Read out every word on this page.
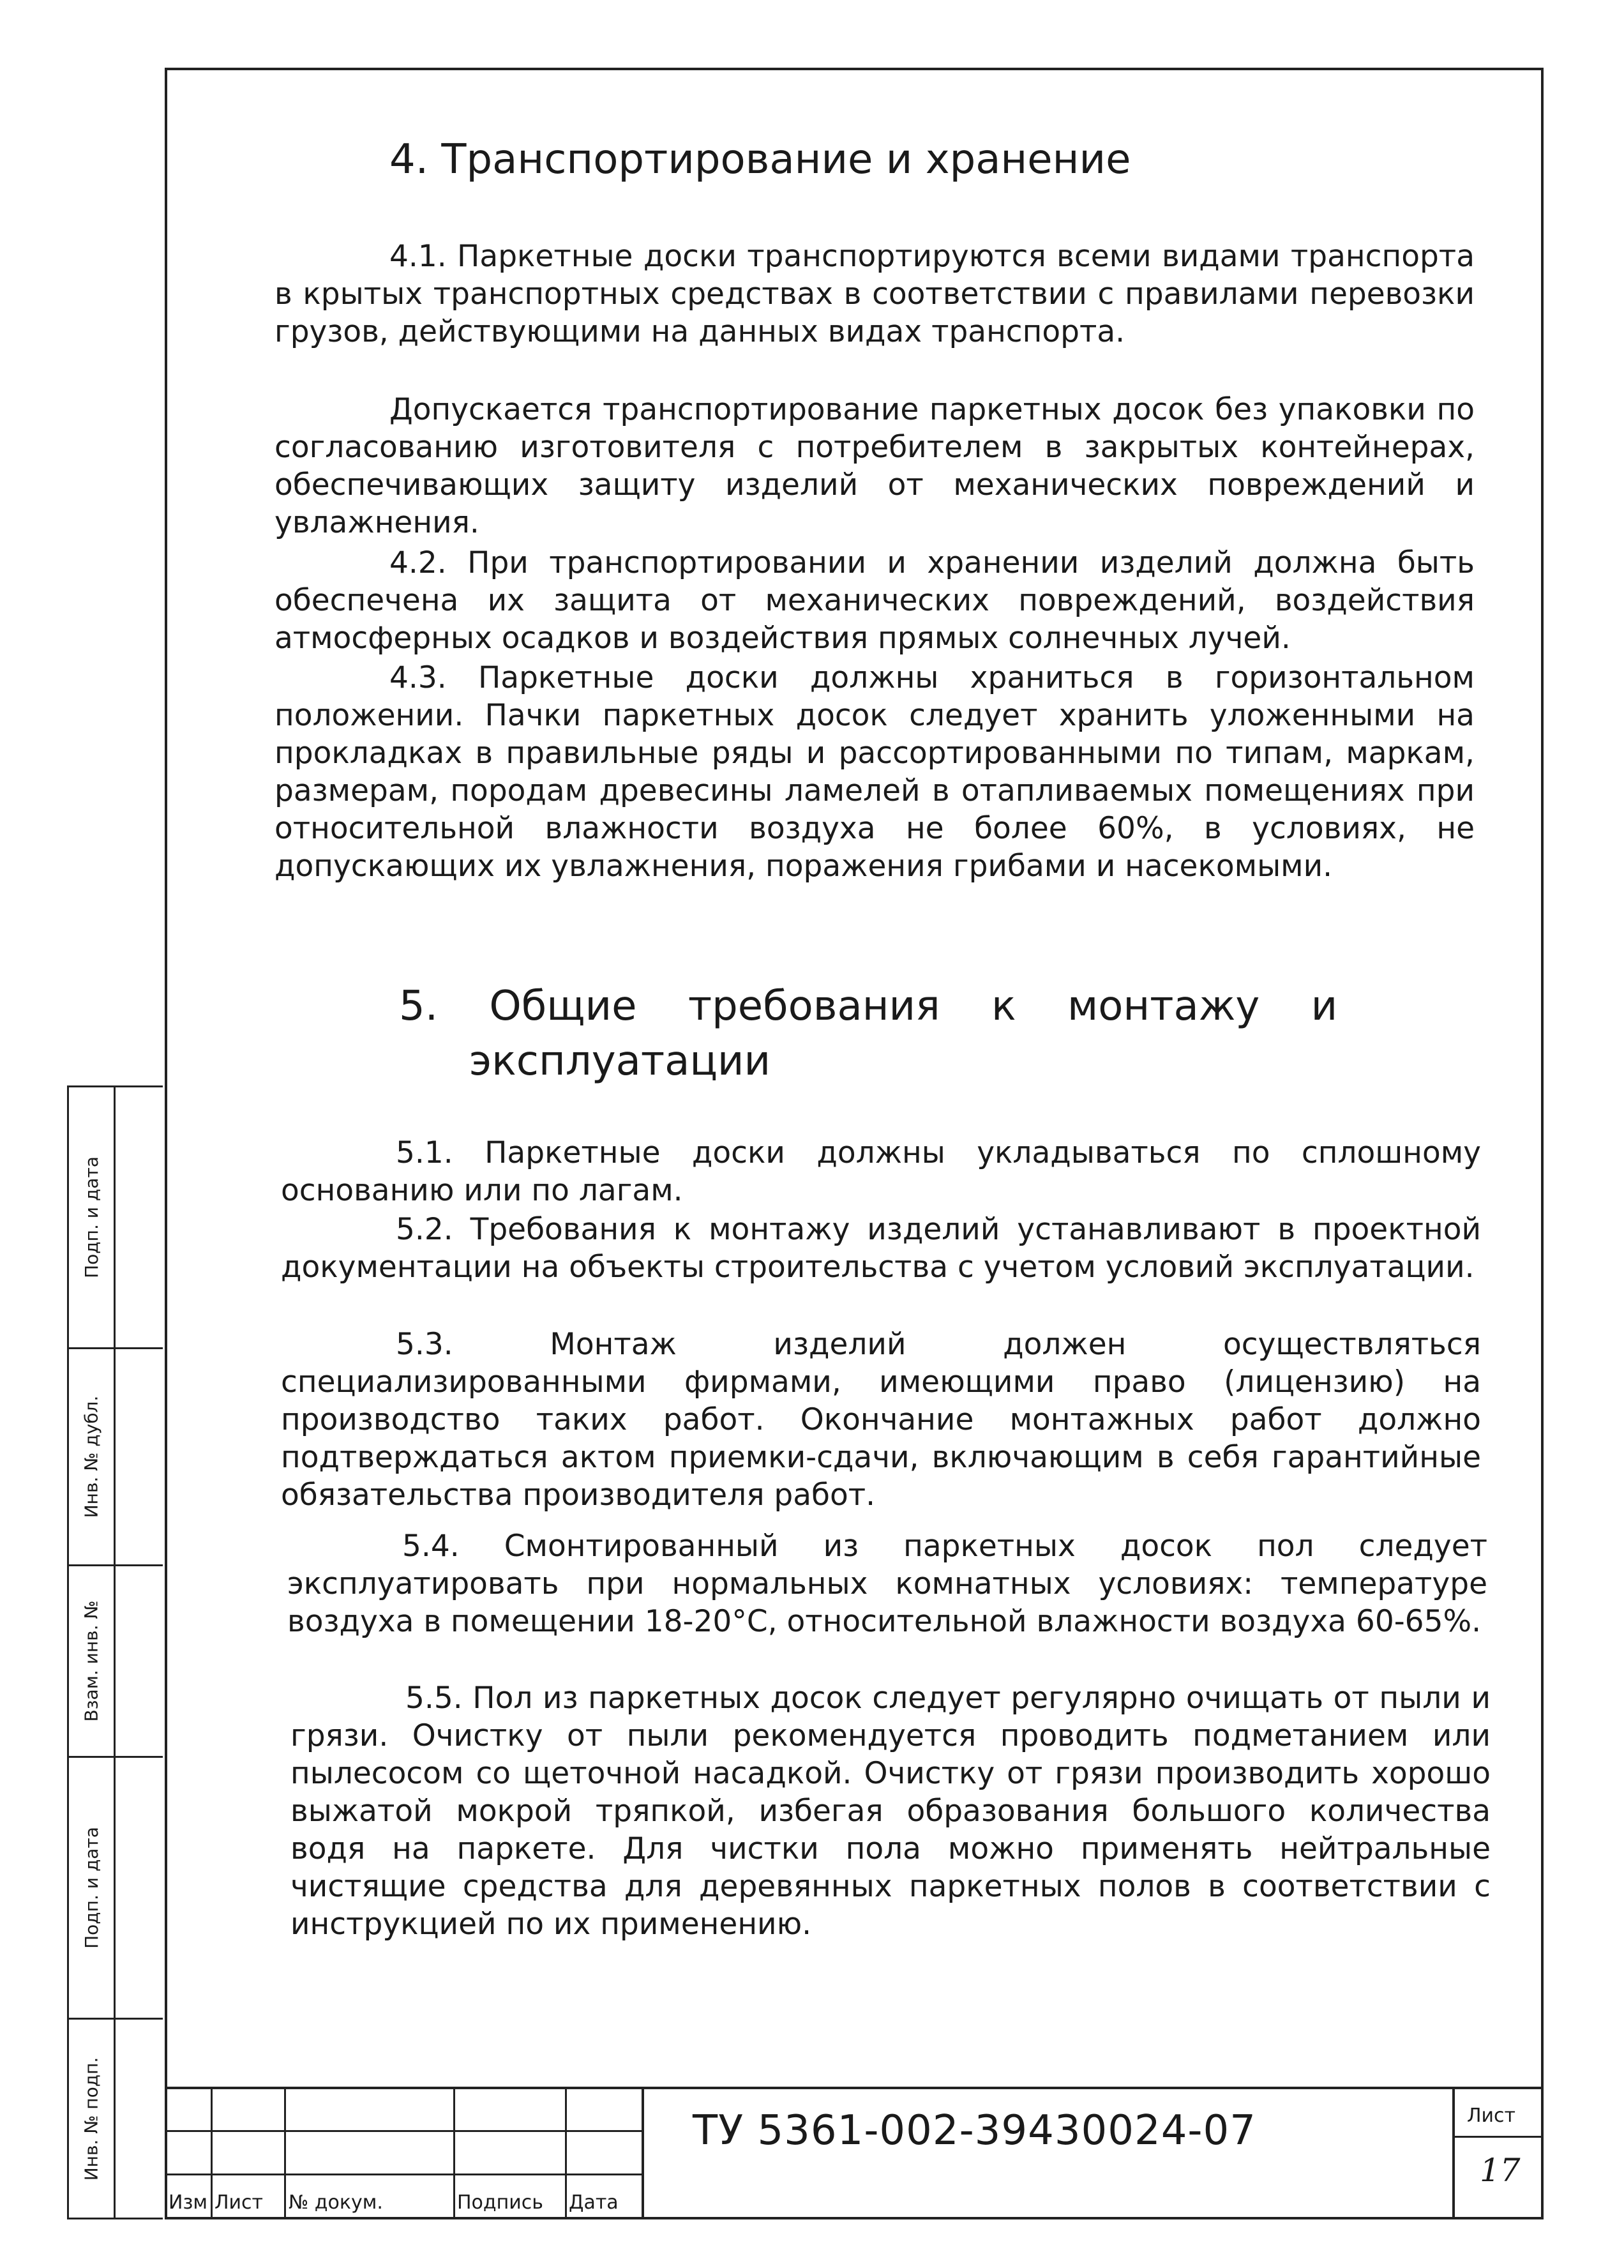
4. Транспортирование и хранение
4.1. Паркетные доски транспортируются всеми видами транспорта в крытых транспортных средствах в соответствии с правилами перевозки грузов, действующими на данных видах транспорта.
Допускается транспортирование паркетных досок без упаковки по согласованию изготовителя с потребителем в закрытых контейнерах, обеспечивающих защиту изделий от механических повреждений и увлажнения.
4.2. При транспортировании и хранении изделий должна быть обеспечена их защита от механических повреждений, воздействия атмосферных осадков и воздействия прямых солнечных лучей.
4.3. Паркетные доски должны храниться в горизонтальном положении. Пачки паркетных досок следует хранить уложенными на прокладках в правильные ряды и рассортированными по типам, маркам, размерам, породам древесины ламелей в отапливаемых помещениях при относительной влажности воздуха не более 60%, в условиях, не допускающих их увлажнения, поражения грибами и насекомыми.
5. Общие требования к монтажу и
эксплуатации
5.1. Паркетные доски должны укладываться по сплошному основанию или по лагам.
5.2. Требования к монтажу изделий устанавливают в проектной документации на объекты строительства с учетом условий эксплуатации.
5.3. Монтаж изделий должен осуществляться специализированными фирмами, имеющими право (лицензию) на производство таких работ. Окончание монтажных работ должно подтверждаться актом приемки-сдачи, включающим в себя гарантийные обязательства производителя работ.
5.4. Смонтированный из паркетных досок пол следует эксплуатировать при нормальных комнатных условиях: температуре воздуха в помещении 18-20°С, относительной влажности воздуха 60-65%.
5.5. Пол из паркетных досок следует регулярно очищать от пыли и грязи. Очистку от пыли рекомендуется проводить подметанием или пылесосом со щеточной насадкой. Очистку от грязи производить хорошо выжатой мокрой тряпкой, избегая образования большого количества водя на паркете. Для чистки пола можно применять нейтральные чистящие средства для деревянных паркетных полов в соответствии с инструкцией по их применению.
Подп. и дата
Инв. № дубл.
Взам. инв. №
Подп. и дата
Инв. № подп.
Изм Лист № докум.	Подпись Дата
ТУ 5361-002-39430024-07	Лист
17
